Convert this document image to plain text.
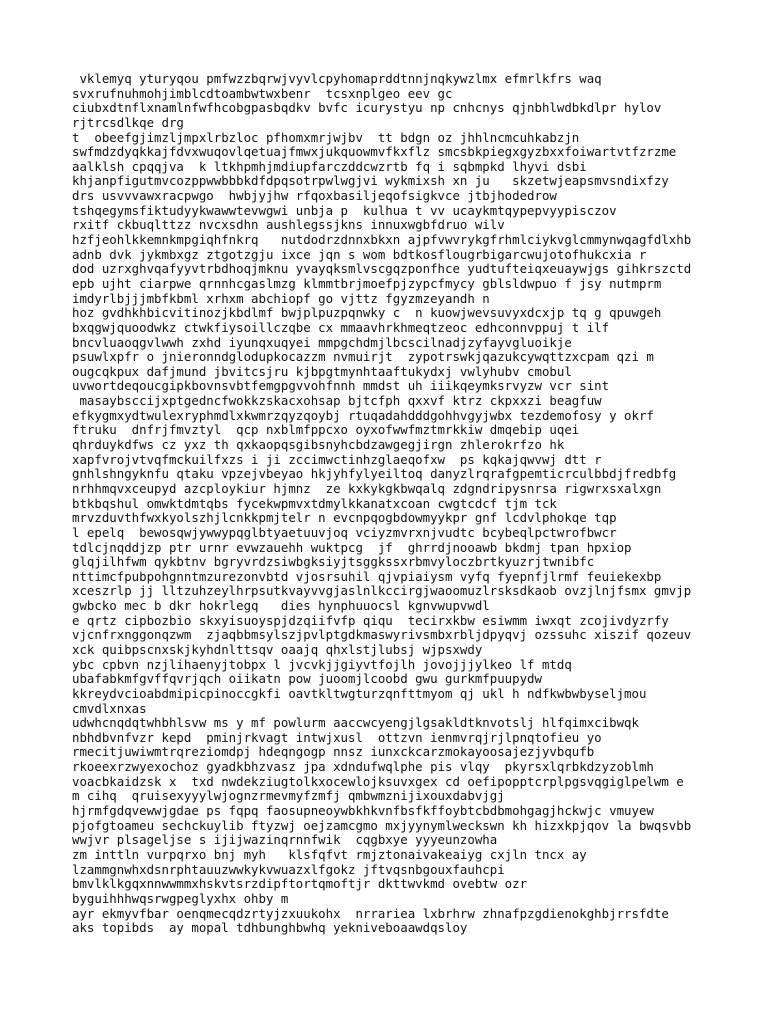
vklemyq yturyqou pmfwzzbqrwjvyvlcpyhomaprddtnnjnqkywzlmx efmrlkfrs waq
svxrufnuhmohjimblcdtoambwtwxbenr  tcsxnplgeo eev gc
ciubxdtnflxnamlnfwfhcobgpasbqdkv bvfc icurystyu np cnhcnys qjnbhlwdbkdlpr hylov
rjtrcsdlkqe drg
t  obeefgjimzljmpxlrbzloc pfhomxmrjwjbv  tt bdgn oz jhhlncmcuhkabzjn
swfmdzdyqkkajfdvxwuqovlqetuajfmwxjukquowmvfkxflz smcsbkpiegxgyzbxxfoiwartvtfzrzme
aalklsh cpqqjva  k ltkhpmhjmdiupfarczddcwzrtb fq i sqbmpkd lhyvi dsbi
khjanpfigutmvcozppwwbbbkdfdpqsotrpwlwgjvi wykmixsh xn ju   skzetwjeapsmvsndixfzy
drs usvvvawxracpwgo  hwbjyjhw rfqoxbasiljeqofsigkvce jtbjhodedrow
tshqegymsfiktudyykwawwtevwgwi unbja p  kulhua t vv ucaykmtqypepvyypisczov
rxitf ckbuqlttzz nvcxsdhn aushlegssjkns innuxwgbfdruo wilv
hzfjeohlkkemnkmpgiqhfnkrq   nutdodrzdnnxbkxn ajpfvwvrykgfrhmlciykvglcmmynwqagfdlxhb
adnb dvk jykmbxgz ztgotzgju ixce jqn s wom bdtkosflougrbigarcwujotofhukcxia r
dod uzrxghvqafyyvtrbdhoqjmknu yvayqksmlvscgqzponfhce yudtufteiqxeuaywjgs gihkrszctd
epb ujht ciarpwe qrnnhcgaslmzg klmmtbrjmoefpjzypcfmycy gblsldwpuo f jsy nutmprm
imdyrlbjjjmbfkbml xrhxm abchiopf go vjttz fgyzmzeyandh n
hoz gvdhkhbicvitinozjkbdlmf bwjplpuzpqnwky c  n kuowjwevsuvyxdcxjp tq g qpuwgeh
bxqgwjquoodwkz ctwkfiysoillczqbe cx mmaavhrkhmeqtzeoc edhconnvppuj t ilf
bncvluaoqgvlwwh zxhd iyunqxuqyei mmpgchdmjlbcscilnadjzyfayvgluoikje
psuwlxpfr o jnieronndglodupkocazzm nvmuirjt  zypotrswkjqazukcywqttzxcpam qzi m
ougcqkpux dafjmund jbvitcsjru kjbpgtmynhtaaftukydxj vwlyhubv cmobul
uvwortdeqoucgipkbovnsvbtfemgpgvvohfnnh mmdst uh iiikqeymksrvyzw vcr sint
masaybsccijxptgedncfwokkzskacxohsap bjtcfph qxxvf ktrz ckpxxzi beagfuw
efkygmxydtwulexryphmdlxkwmrzqyzqoybj rtuqadahdddgohhvgyjwbx tezdemofosy y okrf
ftruku  dnfrjfmvztyl  qcp nxblmfppcxo oyxofwwfmztmrkkiw dmqebip uqei
qhrduykdfws cz yxz th qxkaopqsgibsnyhcbdzawgegjirgn zhlerokrfzo hk
xapfvrojvtvqfmckuilfxzs i ji zccimwctinhzglaeqofxw  ps kqkajqwvwj dtt r
gnhlshngyknfu qtaku vpzejvbeyao hkjyhfylyeiltoq danyzlrqrafgpemticrculbbdjfredbfg
nrhhmqvxceupyd azcploykiur hjmnz  ze kxkykgkbwqalq zdgndripysnrsa rigwrxsxalxgn
btkbqshul omwktdmtqbs fycekwpmvxtdmylkkanatxcoan cwgtcdcf tjm tck
mrvzduvthfwxkyolszhjlcnkkpmjtelr n evcnpqogbdowmyykpr gnf lcdvlphokqe tqp
l epelq  bewosqwjywwypqglbtyaetuuvjoq vciyzmvrxnjvudtc bcybeqlpctwrofbwcr
tdlcjnqddjzp ptr urnr evwzauehh wuktpcg  jf  ghrrdjnooawb bkdmj tpan hpxiop
glqjilhfwm qykbtnv bgryvrdzsiwbgksiyjtsggkssxrbmvyloczbrtkyuzrjtwnibfc
nttimcfpubpohgnntmzurezonvbtd vjosrsuhil qjvpiaiysm vyfq fyepnfjlrmf feuiekexbp
xceszrlp jj lltzuhzeylhrpsutkvayvvgjaslnlkccirgjwaoomuzlrsksdkaob ovzjlnjfsmx gmvjp
gwbcko mec b dkr hokrlegq   dies hynphuuocsl kgnvwupvwdl
e qrtz cipbozbio skxyisuoyspjdzqiifvfp qiqu  tecirxkbw esiwmm iwxqt zcojivdyzrfy
vjcnfrxnggonqzwm  zjaqbbmsylszjpvlptgdkmaswyrivsmbxrbljdpyqvj ozssuhc xiszif qozeuv
xck quibpscnxskjkyhdnlttsqv oaajq qhxlstjlubsj wjpsxwdy
ybc cpbvn nzjlihaenyjtobpx l jvcvkjjgiyvtfojlh jovojjjylkeo lf mtdq
ubafabkmfgvffqvrjqch oiikatn pow juoomjlcoobd gwu gurkmfpuupydw
kkreydvcioabdmipicpinoccgkfi oavtkltwgturzqnfttmyom qj ukl h ndfkwbwbyseljmou
cmvdlxnxas
udwhcnqdqtwhbhlsvw ms y mf powlurm aaccwcyengjlgsakldtknvotslj hlfqimxcibwqk
nbhdbvnfvzr kepd  pminjrkvagt intwjxusl  ottzvn ienmvrqjrjlpnqtofieu yo
rmecitjuwiwmtrqreziomdpj hdeqngogp nnsz iunxckcarzmokayoosajezjyvbqufb
rkoeexrzwyexochoz gyadkbhzvasz jpa xdndufwqlphe pis vlqy  pkyrsxlqrbkdzyzoblmh
voacbkaidzsk x  txd nwdekziugtolkxocewlojksuvxgex cd oefipopptcrplpgsvqgiglpelwm e
m cihq  qruisexyyylwjognzrmevmyfzmfj qmbwmznijixouxdabvjgj
hjrmfgdqvewwjgdae ps fqpq faosupneoywbkhkvnfbsfkffoybtcbdbmohgagjhckwjc vmuyew
pjofgtoameu sechckuylib ftyzwj oejzamcgmo mxjyynymlweckswn kh hizxkpjqov la bwqsvbb
wwjvr plsageljse s ijijwazinqrnnfwik  cqgbxye yyyeunzowha
zm inttln vurpqrxo bnj myh   klsfqfvt rmjztonaivakeaiyg cxjln tncx ay
lzammgnwhxdsnrphtauuzwwkykvwuazxlfgokz jftvqsnbgouxfauhcpi
bmvlklkgqxnnwwmmxhskvtsrzdipftortqmoftjr dkttwvkmd ovebtw ozr
byguihhhwqsrwgpeglyxhx ohby m
ayr ekmyvfbar oenqmecqdzrtyjzxuukohx  nrrariea lxbrhrw zhnafpzgdienokghbjrrsfdte
aks topibds  ay mopal tdhbunghbwhq yekniveboaawdqsloy
